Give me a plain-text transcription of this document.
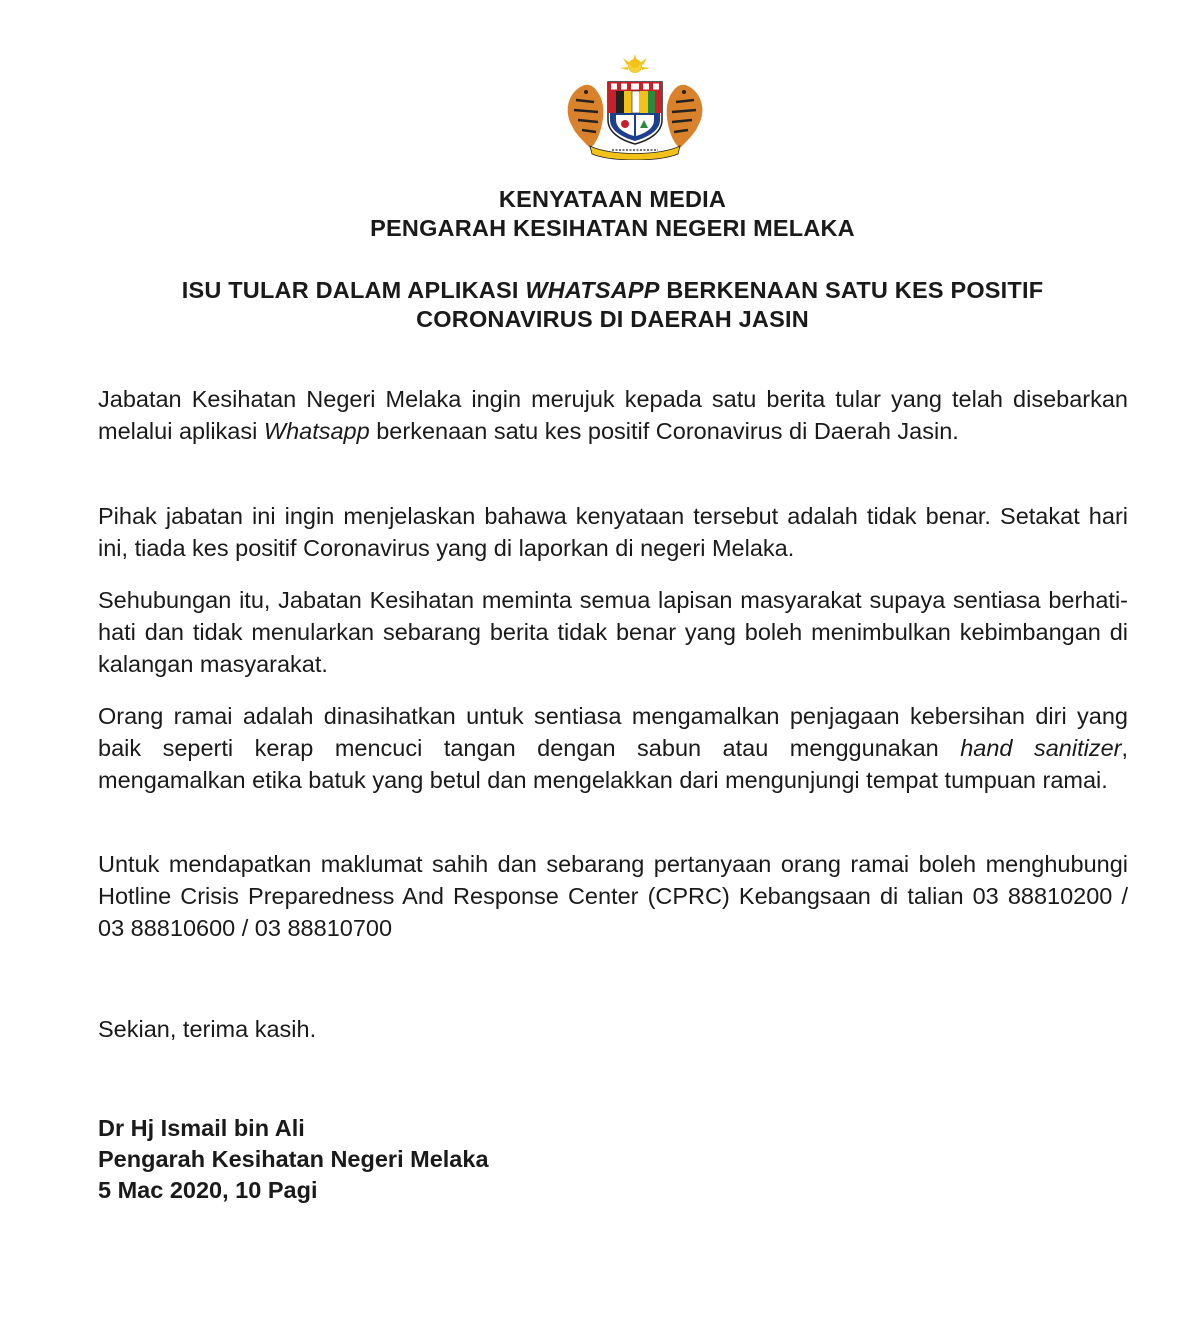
KENYATAAN MEDIA
PENGARAH KESIHATAN NEGERI MELAKA
ISU TULAR DALAM APLIKASI WHATSAPP BERKENAAN SATU KES POSITIF
CORONAVIRUS DI DAERAH JASIN

Jabatan Kesihatan Negeri Melaka ingin merujuk kepada satu berita tular yang telah disebarkan melalui aplikasi Whatsapp berkenaan satu kes positif Coronavirus di Daerah Jasin.

Pihak jabatan ini ingin menjelaskan bahawa kenyataan tersebut adalah tidak benar. Setakat hari ini, tiada kes positif Coronavirus yang di laporkan di negeri Melaka.

Sehubungan itu, Jabatan Kesihatan meminta semua lapisan masyarakat supaya sentiasa berhati-hati dan tidak menularkan sebarang berita tidak benar yang boleh menimbulkan kebimbangan di kalangan masyarakat.

Orang ramai adalah dinasihatkan untuk sentiasa mengamalkan penjagaan kebersihan diri yang baik seperti kerap mencuci tangan dengan sabun atau menggunakan hand sanitizer, mengamalkan etika batuk yang betul dan mengelakkan dari mengunjungi tempat tumpuan ramai.

Untuk mendapatkan maklumat sahih dan sebarang pertanyaan orang ramai boleh menghubungi Hotline Crisis Preparedness And Response Center (CPRC) Kebangsaan di talian 03 88810200 / 03 88810600 / 03 88810700

Sekian, terima kasih.

Dr Hj Ismail bin Ali
Pengarah Kesihatan Negeri Melaka
5 Mac 2020, 10 Pagi
